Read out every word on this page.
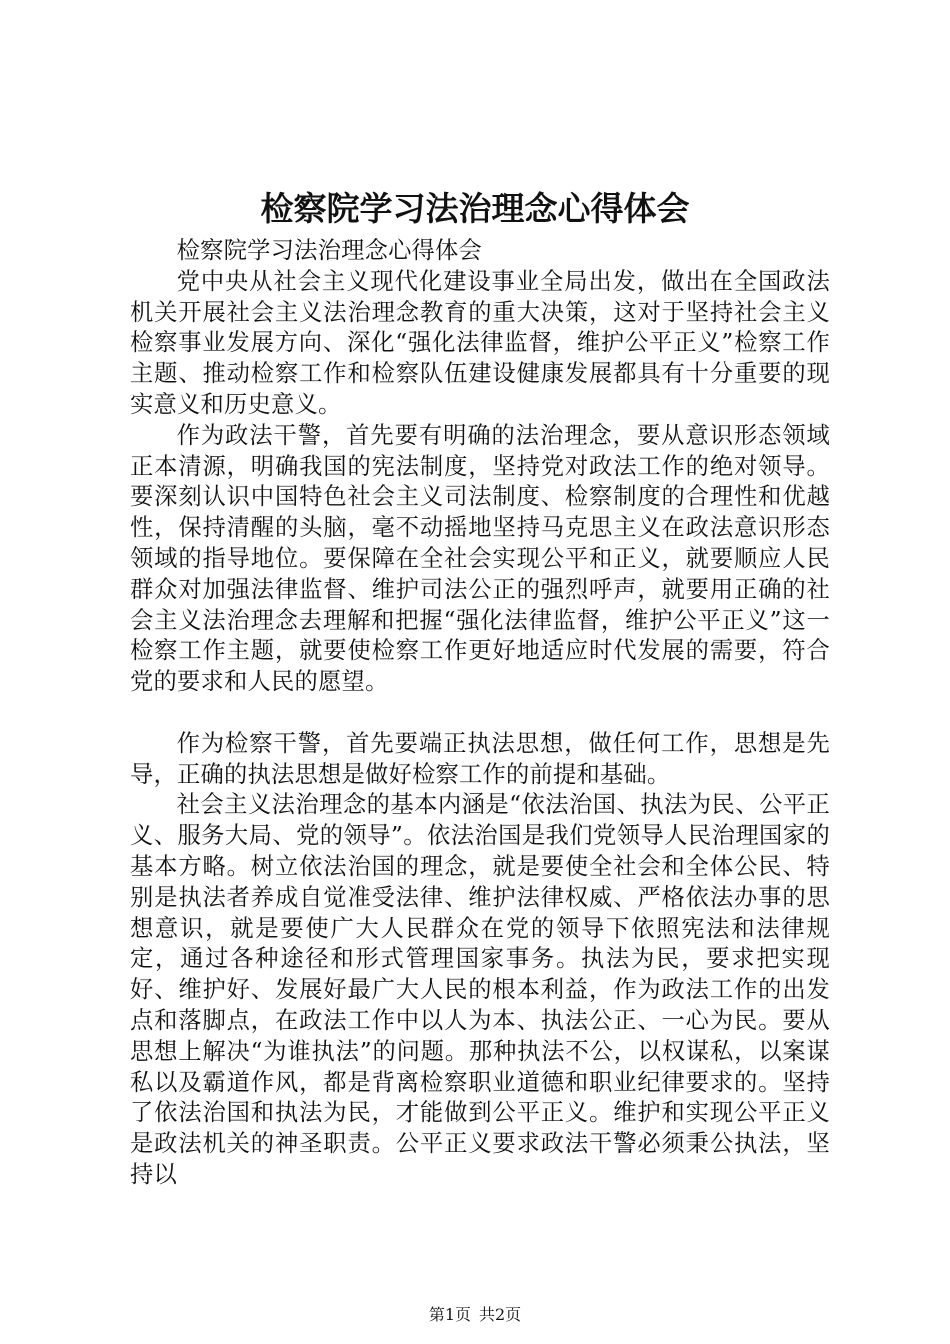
检察院学习法治理念心得体会

检察院学习法治理念心得体会

党中央从社会主义现代化建设事业全局出发，做出在全国政法机关开展社会主义法治理念教育的重大决策，这对于坚持社会主义检察事业发展方向、深化“强化法律监督，维护公平正义”检察工作主题、推动检察工作和检察队伍建设健康发展都具有十分重要的现实意义和历史意义。

作为政法干警，首先要有明确的法治理念，要从意识形态领域正本清源，明确我国的宪法制度，坚持党对政法工作的绝对领导。要深刻认识中国特色社会主义司法制度、检察制度的合理性和优越性，保持清醒的头脑，毫不动摇地坚持马克思主义在政法意识形态领域的指导地位。要保障在全社会实现公平和正义，就要顺应人民群众对加强法律监督、维护司法公正的强烈呼声，就要用正确的社会主义法治理念去理解和把握“强化法律监督，维护公平正义”这一检察工作主题，就要使检察工作更好地适应时代发展的需要，符合党的要求和人民的愿望。

作为检察干警，首先要端正执法思想，做任何工作，思想是先导，正确的执法思想是做好检察工作的前提和基础。

社会主义法治理念的基本内涵是“依法治国、执法为民、公平正义、服务大局、党的领导”。依法治国是我们党领导人民治理国家的基本方略。树立依法治国的理念，就是要使全社会和全体公民、特别是执法者养成自觉准受法律、维护法律权威、严格依法办事的思想意识，就是要使广大人民群众在党的领导下依照宪法和法律规定，通过各种途径和形式管理国家事务。执法为民，要求把实现好、维护好、发展好最广大人民的根本利益，作为政法工作的出发点和落脚点，在政法工作中以人为本、执法公正、一心为民。要从思想上解决“为谁执法”的问题。那种执法不公，以权谋私，以案谋私以及霸道作风，都是背离检察职业道德和职业纪律要求的。坚持了依法治国和执法为民，才能做到公平正义。维护和实现公平正义是政法机关的神圣职责。公平正义要求政法干警必须秉公执法，坚持以

第1页 共2页
